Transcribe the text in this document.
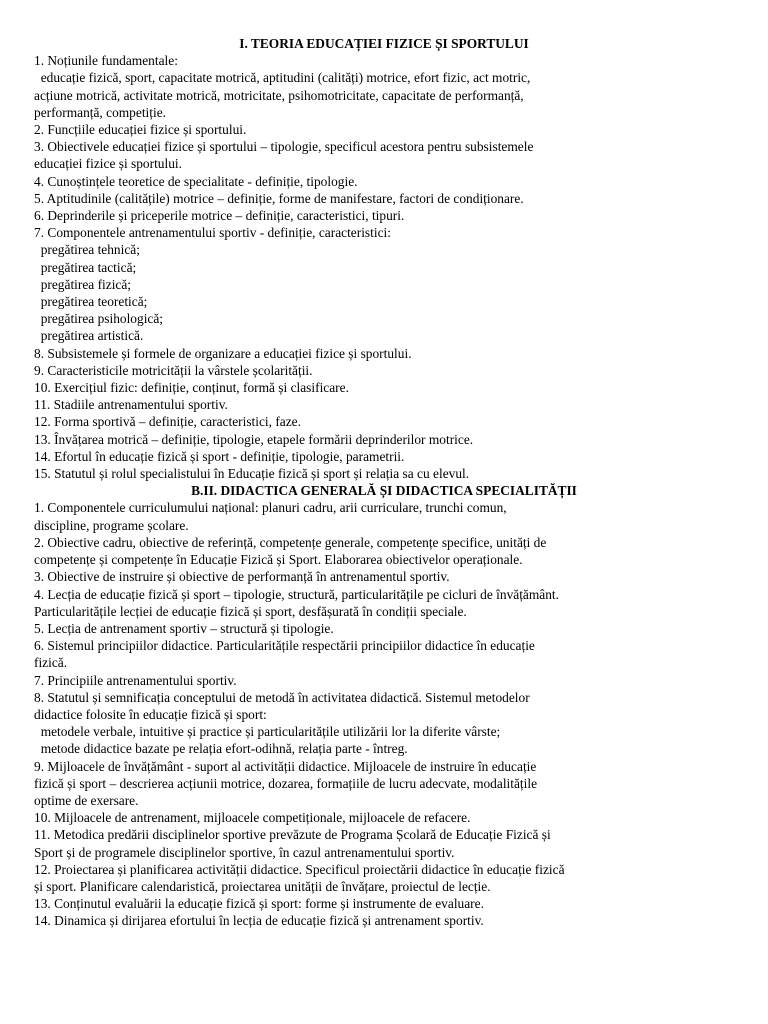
I. TEORIA EDUCAȚIEI FIZICE ȘI SPORTULUI
1. Noțiunile fundamentale:
educație fizică, sport, capacitate motrică, aptitudini (calități) motrice, efort fizic, act motric,
acțiune motrică, activitate motrică, motricitate, psihomotricitate, capacitate de performanță,
performanță, competiție.
2. Funcțiile educației fizice și sportului.
3. Obiectivele educației fizice și sportului – tipologie, specificul acestora pentru subsistemele
educației fizice și sportului.
4. Cunoștințele teoretice de specialitate - definiție, tipologie.
5. Aptitudinile (calitățile) motrice – definiție, forme de manifestare, factori de condiționare.
6. Deprinderile și priceperile motrice – definiție, caracteristici, tipuri.
7. Componentele antrenamentului sportiv - definiție, caracteristici:
pregătirea tehnică;
pregătirea tactică;
pregătirea fizică;
pregătirea teoretică;
pregătirea psihologică;
pregătirea artistică.
8. Subsistemele și formele de organizare a educației fizice și sportului.
9. Caracteristicile motricității la vârstele școlarității.
10. Exercițiul fizic: definiție, conținut, formă și clasificare.
11. Stadiile antrenamentului sportiv.
12. Forma sportivă – definiție, caracteristici, faze.
13. Învățarea motrică – definiție, tipologie, etapele formării deprinderilor motrice.
14. Efortul în educație fizică și sport - definiție, tipologie, parametrii.
15. Statutul și rolul specialistului în Educație fizică și sport și relația sa cu elevul.
B.II. DIDACTICA GENERALĂ ȘI DIDACTICA SPECIALITĂȚII
1. Componentele curriculumului național: planuri cadru, arii curriculare, trunchi comun,
discipline, programe școlare.
2. Obiective cadru, obiective de referință, competențe generale, competențe specifice, unități de
competențe și competențe în Educație Fizică și Sport. Elaborarea obiectivelor operaționale.
3. Obiective de instruire și obiective de performanță în antrenamentul sportiv.
4. Lecția de educație fizică și sport – tipologie, structură, particularitățile pe cicluri de învățământ.
Particularitățile lecției de educație fizică și sport, desfășurată în condiții speciale.
5. Lecția de antrenament sportiv – structură și tipologie.
6. Sistemul principiilor didactice. Particularitățile respectării principiilor didactice în educație
fizică.
7. Principiile antrenamentului sportiv.
8. Statutul și semnificația conceptului de metodă în activitatea didactică. Sistemul metodelor
didactice folosite în educație fizică și sport:
metodele verbale, intuitive și practice și particularitățile utilizării lor la diferite vârste;
metode didactice bazate pe relația efort-odihnă, relația parte - întreg.
9. Mijloacele de învățământ - suport al activității didactice. Mijloacele de instruire în educație
fizică și sport – descrierea acțiunii motrice, dozarea, formațiile de lucru adecvate, modalitățile
optime de exersare.
10. Mijloacele de antrenament, mijloacele competiționale, mijloacele de refacere.
11. Metodica predării disciplinelor sportive prevăzute de Programa Școlară de Educație Fizică și
Sport și de programele disciplinelor sportive, în cazul antrenamentului sportiv.
12. Proiectarea și planificarea activității didactice. Specificul proiectării didactice în educație fizică
și sport. Planificare calendaristică, proiectarea unității de învățare, proiectul de lecție.
13. Conținutul evaluării la educație fizică și sport: forme și instrumente de evaluare.
14. Dinamica și dirijarea efortului în lecția de educație fizică și antrenament sportiv.
